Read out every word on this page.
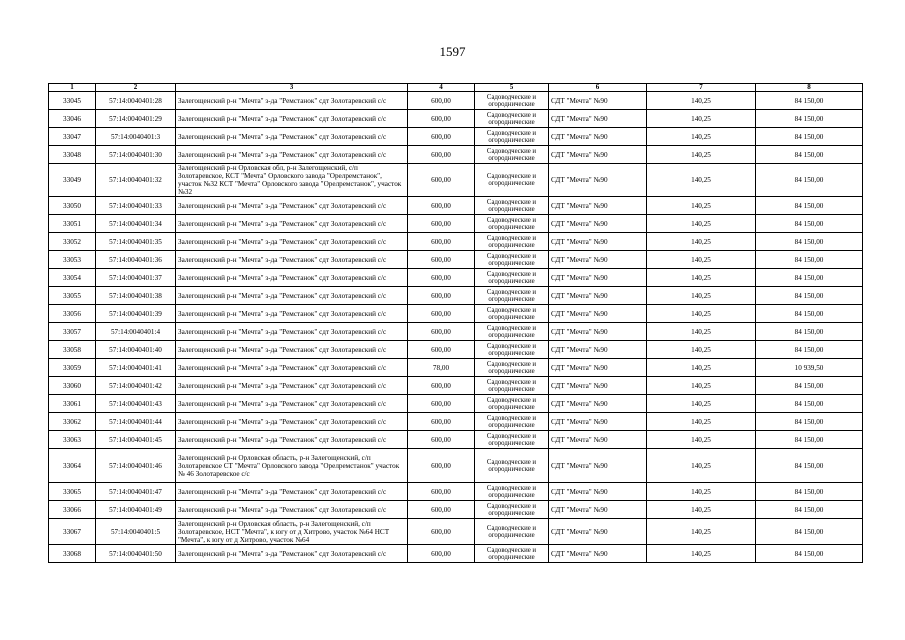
1597
1	2	3	4	5	6	7	8
33045	57:14:0040401:28	Залегощенский р-н "Мечта" з-да "Ремстанок" сдт Золотаревский с/с	600,00	Садоводческие и огороднические	СДТ "Мечта" №90	140,25	84 150,00
33046	57:14:0040401:29	Залегощенский р-н "Мечта" з-да "Ремстанок" сдт Золотаревский с/с	600,00	Садоводческие и огороднические	СДТ "Мечта" №90	140,25	84 150,00
33047	57:14:0040401:3	Залегощенский р-н "Мечта" з-да "Ремстанок" сдт Золотаревский с/с	600,00	Садоводческие и огороднические	СДТ "Мечта" №90	140,25	84 150,00
33048	57:14:0040401:30	Залегощенский р-н "Мечта" з-да "Ремстанок" сдт Золотаревский с/с	600,00	Садоводческие и огороднические	СДТ "Мечта" №90	140,25	84 150,00
33049	57:14:0040401:32	Залегощенский р-н Орловская обл, р-н Залегощенский, с/п Золотаревское, КСТ "Мечта" Орловского завода "Орелремстанок", участок №32 КСТ "Мечта" Орловского завода "Орелремстанок", участок №32	600,00	Садоводческие и огороднические	СДТ "Мечта" №90	140,25	84 150,00
33050	57:14:0040401:33	Залегощенский р-н "Мечта" з-да "Ремстанок" сдт Золотаревский с/с	600,00	Садоводческие и огороднические	СДТ "Мечта" №90	140,25	84 150,00
33051	57:14:0040401:34	Залегощенский р-н "Мечта" з-да "Ремстанок" сдт Золотаревский с/с	600,00	Садоводческие и огороднические	СДТ "Мечта" №90	140,25	84 150,00
33052	57:14:0040401:35	Залегощенский р-н "Мечта" з-да "Ремстанок" сдт Золотаревский с/с	600,00	Садоводческие и огороднические	СДТ "Мечта" №90	140,25	84 150,00
33053	57:14:0040401:36	Залегощенский р-н "Мечта" з-да "Ремстанок" сдт Золотаревский с/с	600,00	Садоводческие и огороднические	СДТ "Мечта" №90	140,25	84 150,00
33054	57:14:0040401:37	Залегощенский р-н "Мечта" з-да "Ремстанок" сдт Золотаревский с/с	600,00	Садоводческие и огороднические	СДТ "Мечта" №90	140,25	84 150,00
33055	57:14:0040401:38	Залегощенский р-н "Мечта" з-да "Ремстанок" сдт Золотаревский с/с	600,00	Садоводческие и огороднические	СДТ "Мечта" №90	140,25	84 150,00
33056	57:14:0040401:39	Залегощенский р-н "Мечта" з-да "Ремстанок" сдт Золотаревский с/с	600,00	Садоводческие и огороднические	СДТ "Мечта" №90	140,25	84 150,00
33057	57:14:0040401:4	Залегощенский р-н "Мечта" з-да "Ремстанок" сдт Золотаревский с/с	600,00	Садоводческие и огороднические	СДТ "Мечта" №90	140,25	84 150,00
33058	57:14:0040401:40	Залегощенский р-н "Мечта" з-да "Ремстанок" сдт Золотаревский с/с	600,00	Садоводческие и огороднические	СДТ "Мечта" №90	140,25	84 150,00
33059	57:14:0040401:41	Залегощенский р-н "Мечта" з-да "Ремстанок" сдт Золотаревский с/с	78,00	Садоводческие и огороднические	СДТ "Мечта" №90	140,25	10 939,50
33060	57:14:0040401:42	Залегощенский р-н "Мечта" з-да "Ремстанок" сдт Золотаревский с/с	600,00	Садоводческие и огороднические	СДТ "Мечта" №90	140,25	84 150,00
33061	57:14:0040401:43	Залегощенский р-н "Мечта" з-да "Ремстанок" сдт Золотаревский с/с	600,00	Садоводческие и огороднические	СДТ "Мечта" №90	140,25	84 150,00
33062	57:14:0040401:44	Залегощенский р-н "Мечта" з-да "Ремстанок" сдт Золотаревский с/с	600,00	Садоводческие и огороднические	СДТ "Мечта" №90	140,25	84 150,00
33063	57:14:0040401:45	Залегощенский р-н "Мечта" з-да "Ремстанок" сдт Золотаревский с/с	600,00	Садоводческие и огороднические	СДТ "Мечта" №90	140,25	84 150,00
33064	57:14:0040401:46	Залегощенский р-н Орловская область, р-н Залегощенский, с/п Золотаревское СТ "Мечта" Орловского завода "Орелремстанок" участок № 46 Золотаревское с/с	600,00	Садоводческие и огороднические	СДТ "Мечта" №90	140,25	84 150,00
33065	57:14:0040401:47	Залегощенский р-н "Мечта" з-да "Ремстанок" сдт Золотаревский с/с	600,00	Садоводческие и огороднические	СДТ "Мечта" №90	140,25	84 150,00
33066	57:14:0040401:49	Залегощенский р-н "Мечта" з-да "Ремстанок" сдт Золотаревский с/с	600,00	Садоводческие и огороднические	СДТ "Мечта" №90	140,25	84 150,00
33067	57:14:0040401:5	Залегощенский р-н Орловская область, р-н Залегощенский, с/п Золотаревское, НСТ "Мечта", к югу от д Хитрово, участок №64 НСТ "Мечта", к югу от д Хитрово, участок №64	600,00	Садоводческие и огороднические	СДТ "Мечта" №90	140,25	84 150,00
33068	57:14:0040401:50	Залегощенский р-н "Мечта" з-да "Ремстанок" сдт Золотаревский с/с	600,00	Садоводческие и огороднические	СДТ "Мечта" №90	140,25	84 150,00
